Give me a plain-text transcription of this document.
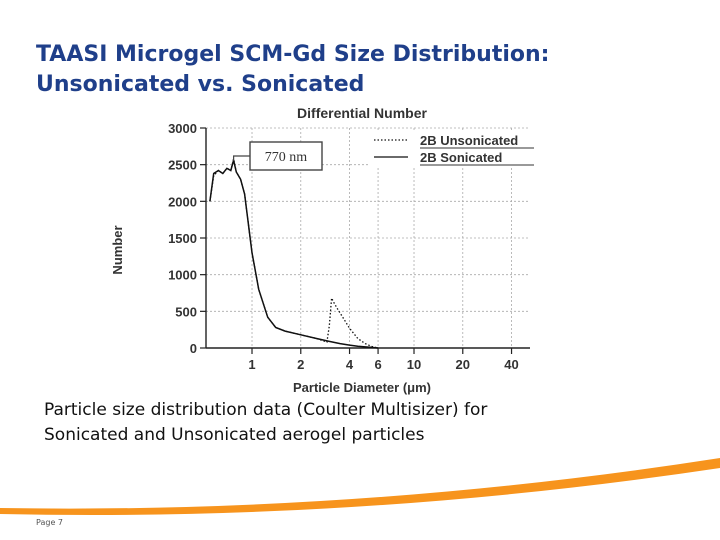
TAASI Microgel SCM-Gd Size Distribution:
Unsonicated vs. Sonicated
1	2	4 6 10	20	40
0
500
1000
1500
2000
2500
3000
770 nm
2B Unsonicated
2B Sonicated
Differential Number
Particle Diameter (μm)
Number
Particle size distribution data (Coulter Multisizer) for
Sonicated and Unsonicated aerogel particles
Page 7
